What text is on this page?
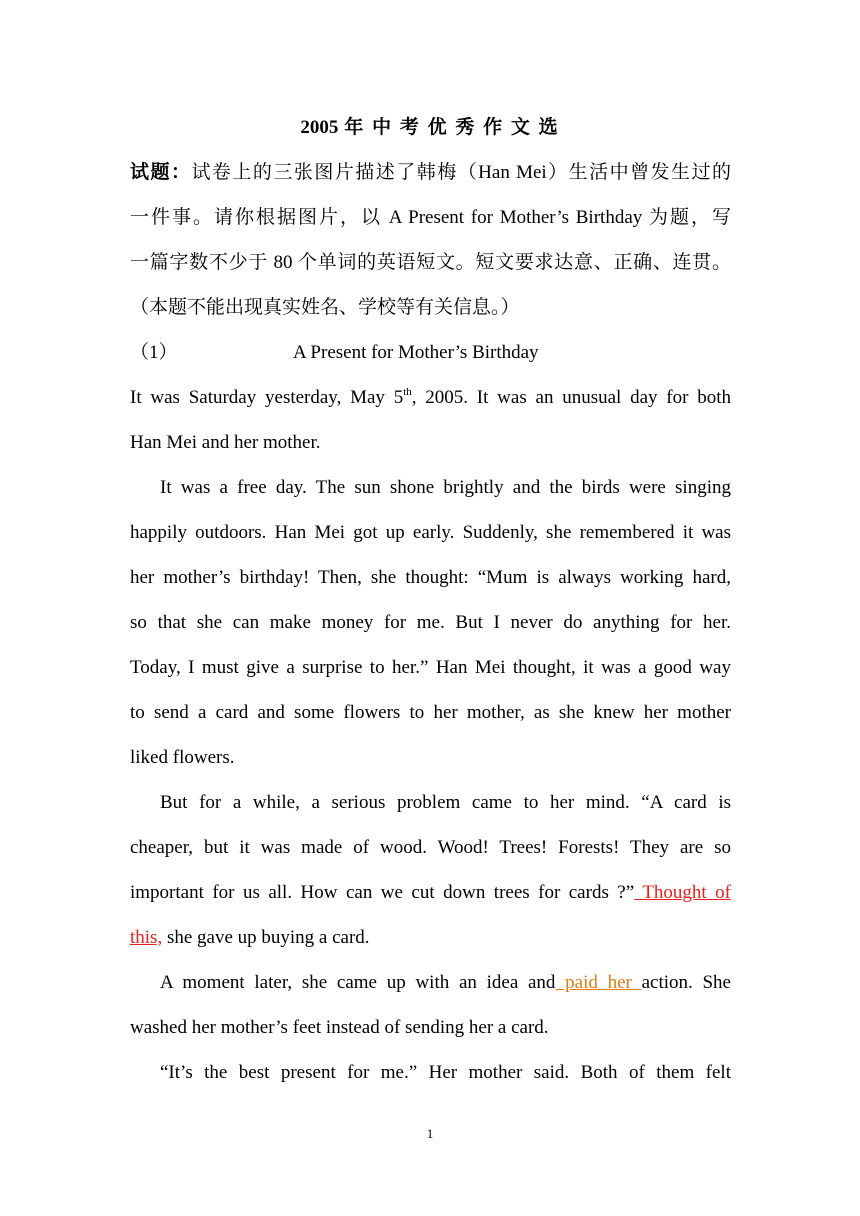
2005 年 中 考 优 秀 作 文 选
试题：试卷上的三张图片描述了韩梅（Han Mei）生活中曾发生过的
一件事。请你根据图片，以 A Present for Mother’s Birthday 为题，写
一篇字数不少于 80 个单词的英语短文。短文要求达意、正确、连贯。
（本题不能出现真实姓名、学校等有关信息。）
（1）	A Present for Mother’s Birthday
It was Saturday yesterday, May 5th, 2005. It was an unusual day for both
Han Mei and her mother.
It was a free day. The sun shone brightly and the birds were singing
happily outdoors. Han Mei got up early. Suddenly, she remembered it was
her mother’s birthday! Then, she thought: “Mum is always working hard,
so that she can make money for me. But I never do anything for her.
Today, I must give a surprise to her.” Han Mei thought, it was a good way
to send a card and some flowers to her mother, as she knew her mother
liked flowers.
But for a while, a serious problem came to her mind. “A card is
cheaper, but it was made of wood. Wood! Trees! Forests! They are so
important for us all. How can we cut down trees for cards ?” Thought of
this, she gave up buying a card.
A moment later, she came up with an idea and paid her action. She
washed her mother’s feet instead of sending her a card.
“It’s the best present for me.” Her mother said. Both of them felt
1
